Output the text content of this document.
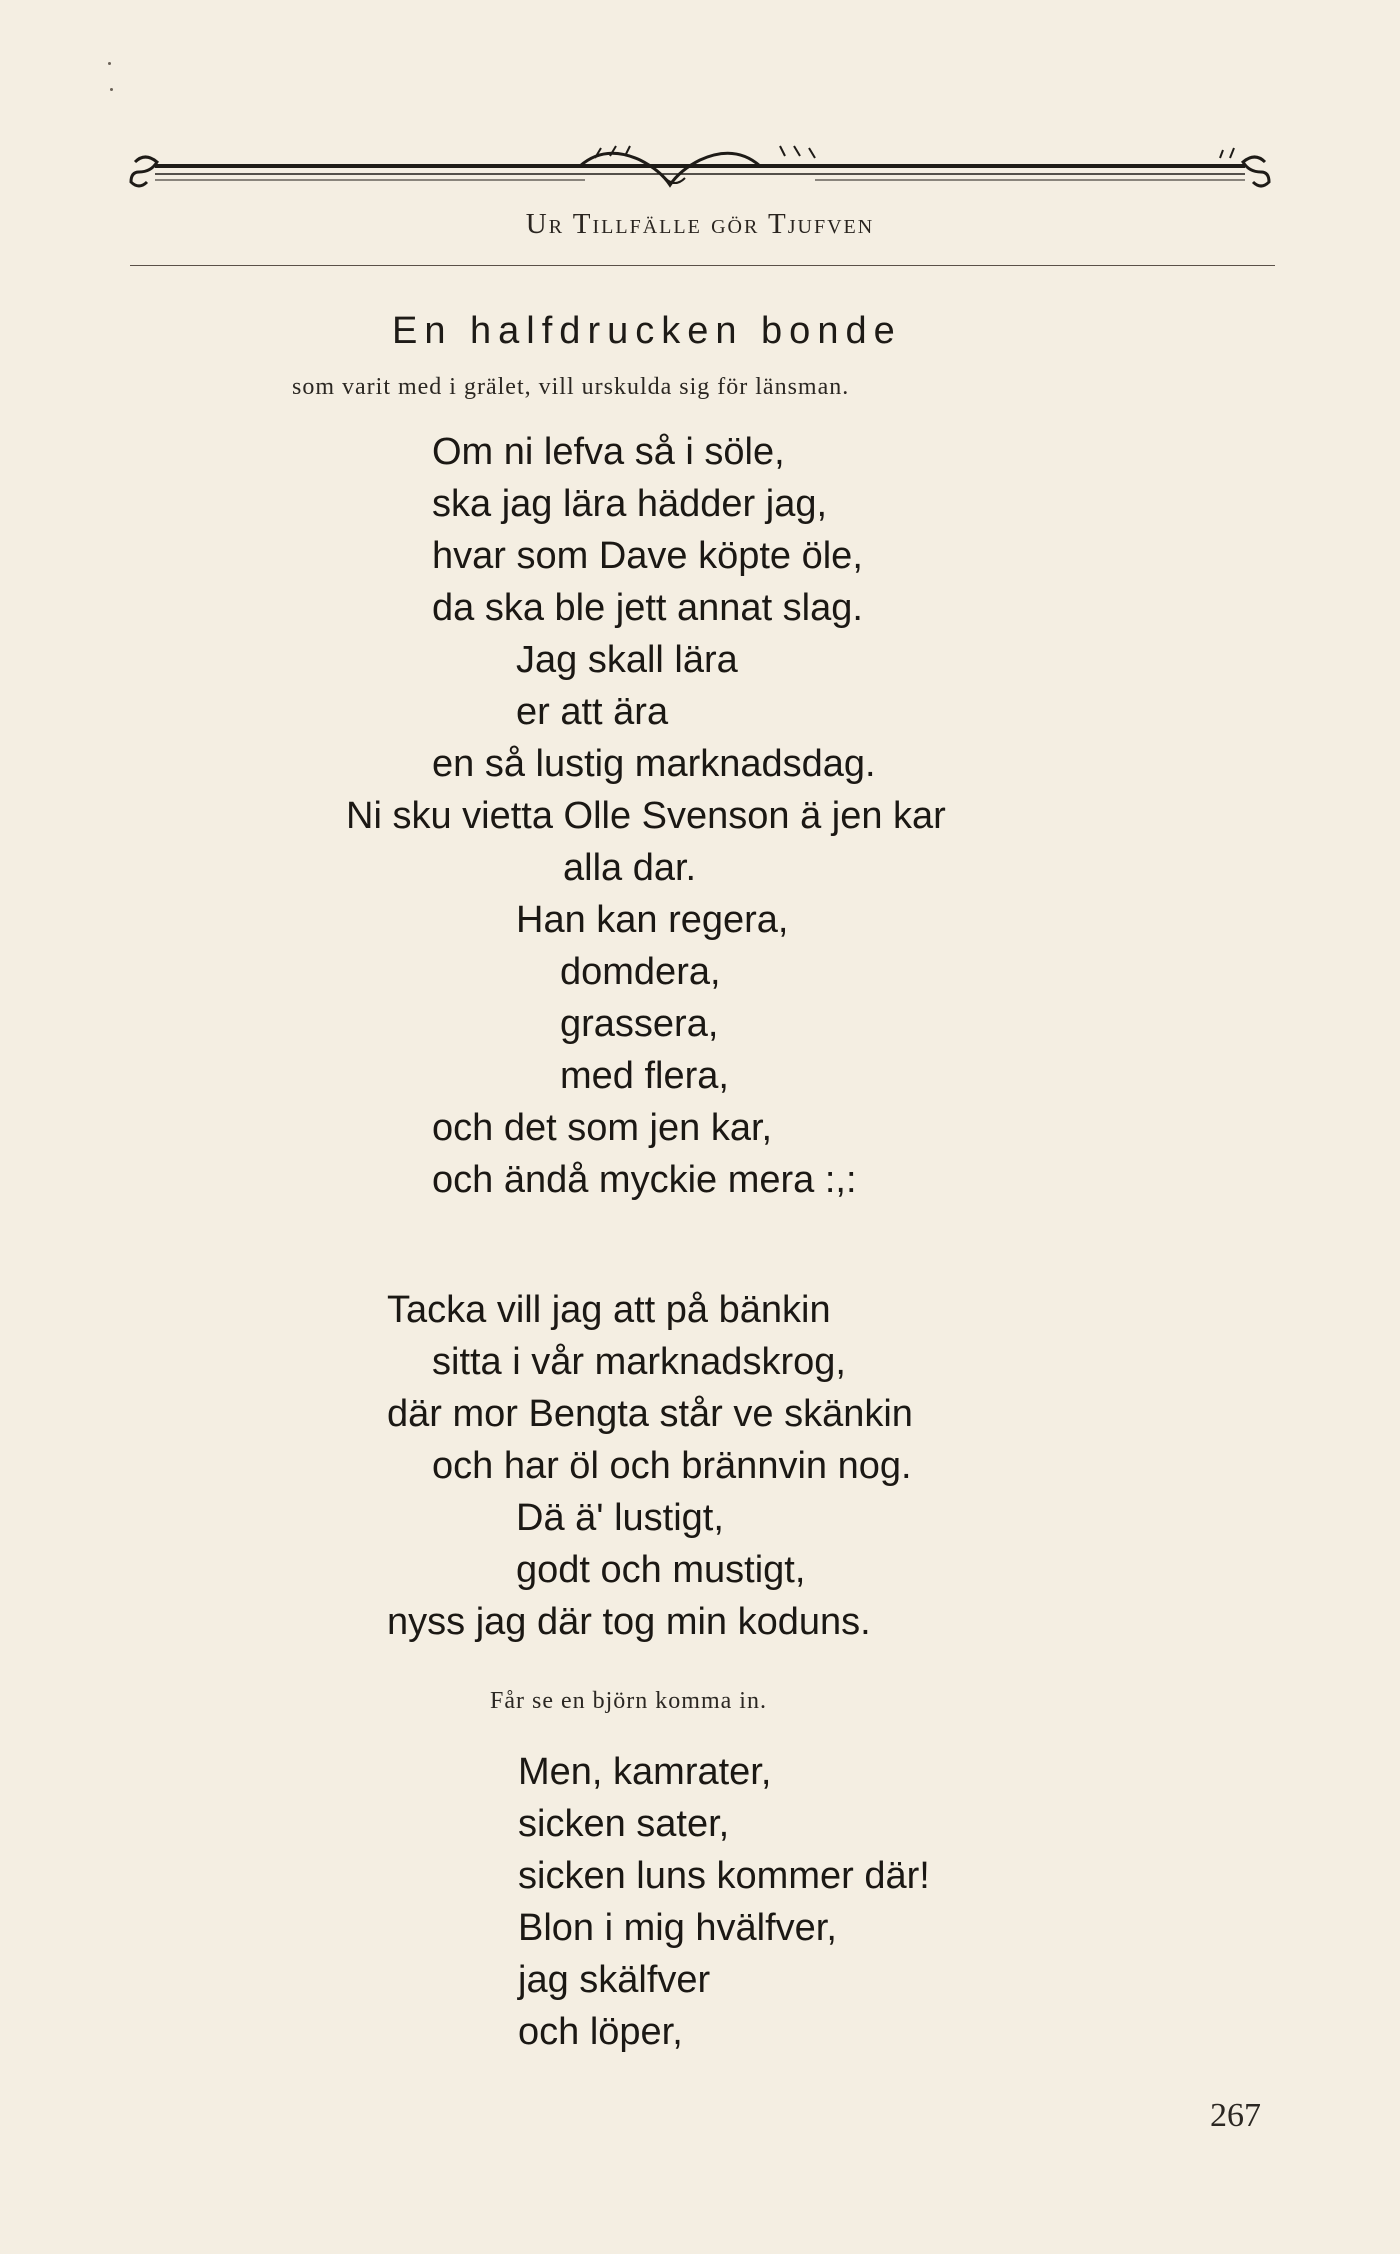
Ur Tillfälle gör Tjufven
En halfdrucken bonde
som varit med i grälet, vill urskulda sig för länsman.
Om ni lefva så i söle,
ska jag lära hädder jag,
hvar som Dave köpte öle,
da ska ble jett annat slag.
Jag skall lära
er att ära
en så lustig marknadsdag.
Ni sku vietta Olle Svenson ä jen kar
alla dar.
Han kan regera,
domdera,
grassera,
med flera,
och det som jen kar,
och ändå myckie mera :,:
Tacka vill jag att på bänkin
sitta i vår marknadskrog,
där mor Bengta står ve skänkin
och har öl och brännvin nog.
Dä ä' lustigt,
godt och mustigt,
nyss jag där tog min koduns.
Får se en björn komma in.
Men, kamrater,
sicken sater,
sicken luns kommer där!
Blon i mig hvälfver,
jag skälfver
och löper,
267
